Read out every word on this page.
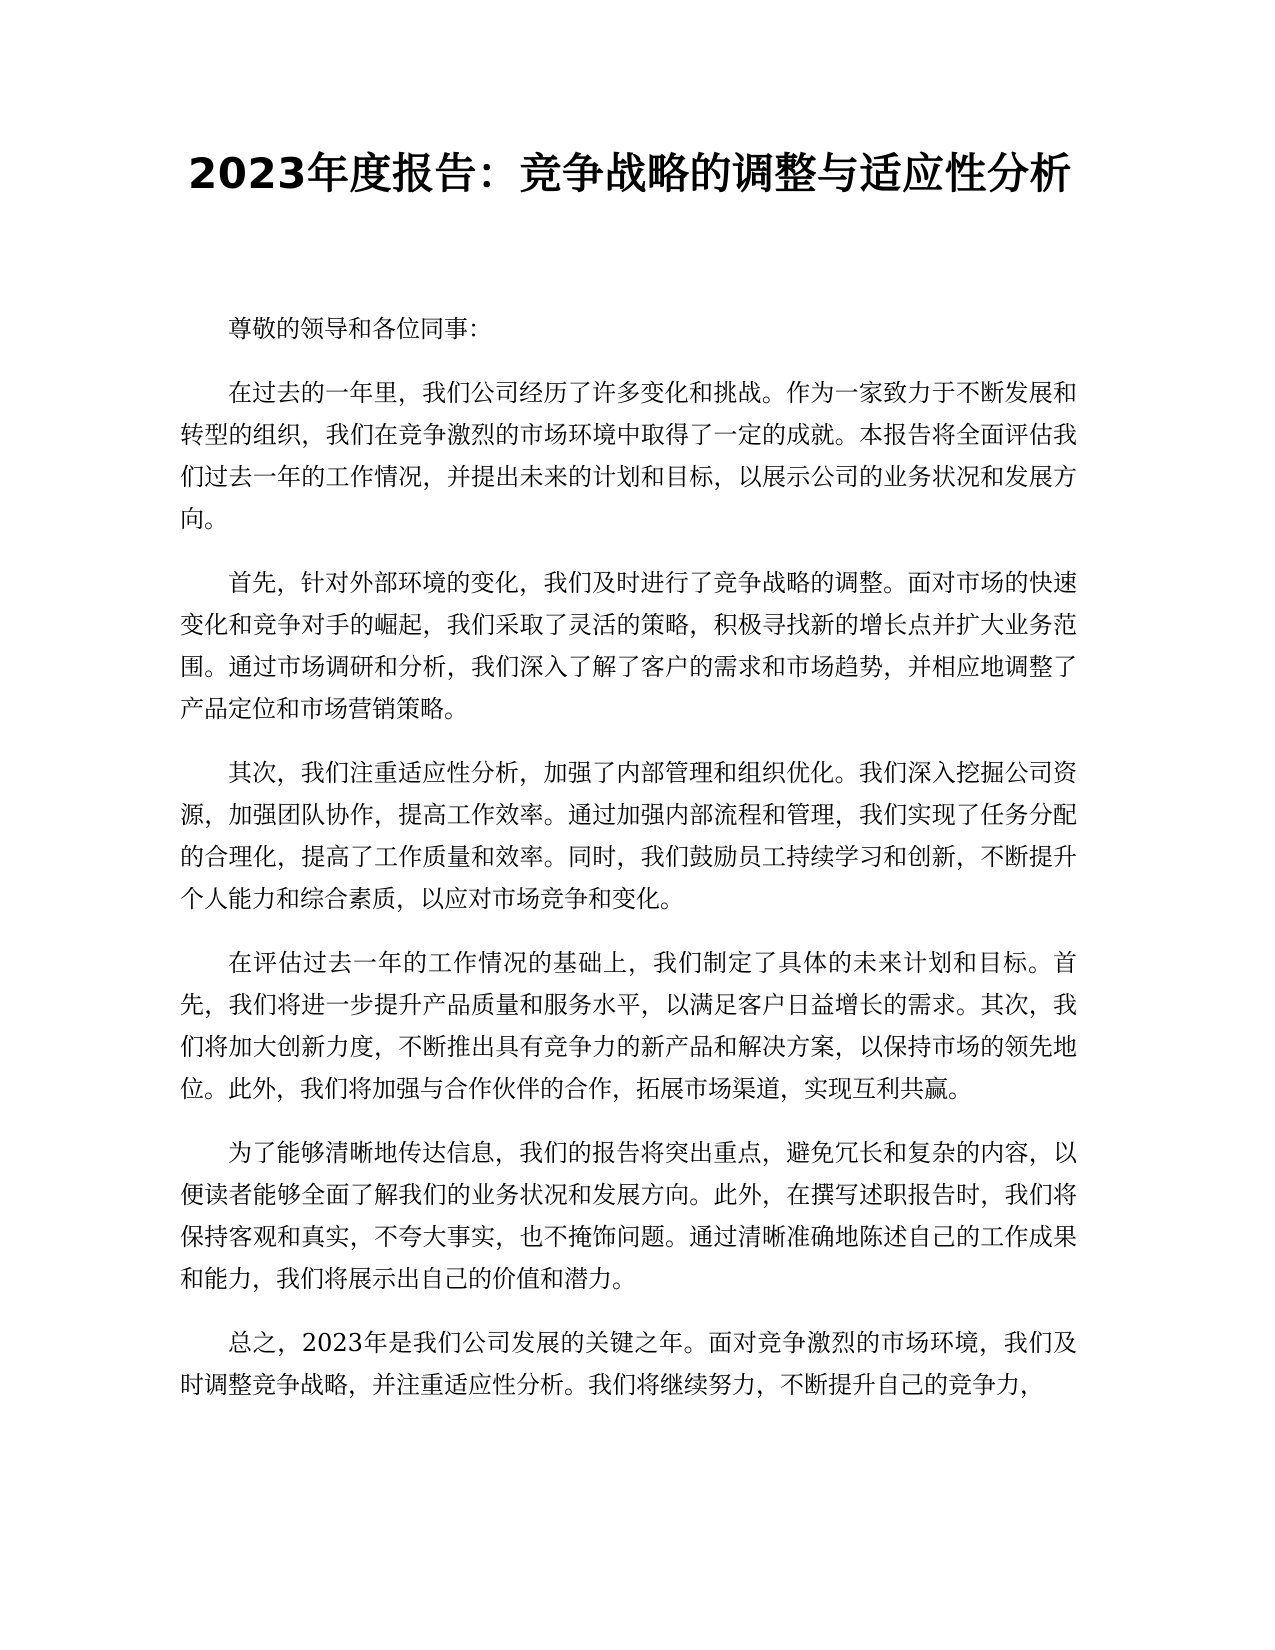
2023年度报告：竞争战略的调整与适应性分析

尊敬的领导和各位同事：

在过去的一年里，我们公司经历了许多变化和挑战。作为一家致力于不断发展和转型的组织，我们在竞争激烈的市场环境中取得了一定的成就。本报告将全面评估我们过去一年的工作情况，并提出未来的计划和目标，以展示公司的业务状况和发展方向。

首先，针对外部环境的变化，我们及时进行了竞争战略的调整。面对市场的快速变化和竞争对手的崛起，我们采取了灵活的策略，积极寻找新的增长点并扩大业务范围。通过市场调研和分析，我们深入了解了客户的需求和市场趋势，并相应地调整了产品定位和市场营销策略。

其次，我们注重适应性分析，加强了内部管理和组织优化。我们深入挖掘公司资源，加强团队协作，提高工作效率。通过加强内部流程和管理，我们实现了任务分配的合理化，提高了工作质量和效率。同时，我们鼓励员工持续学习和创新，不断提升个人能力和综合素质，以应对市场竞争和变化。

在评估过去一年的工作情况的基础上，我们制定了具体的未来计划和目标。首先，我们将进一步提升产品质量和服务水平，以满足客户日益增长的需求。其次，我们将加大创新力度，不断推出具有竞争力的新产品和解决方案，以保持市场的领先地位。此外，我们将加强与合作伙伴的合作，拓展市场渠道，实现互利共赢。

为了能够清晰地传达信息，我们的报告将突出重点，避免冗长和复杂的内容，以便读者能够全面了解我们的业务状况和发展方向。此外，在撰写述职报告时，我们将保持客观和真实，不夸大事实，也不掩饰问题。通过清晰准确地陈述自己的工作成果和能力，我们将展示出自己的价值和潜力。

总之，2023年是我们公司发展的关键之年。面对竞争激烈的市场环境，我们及时调整竞争战略，并注重适应性分析。我们将继续努力，不断提升自己的竞争力，
